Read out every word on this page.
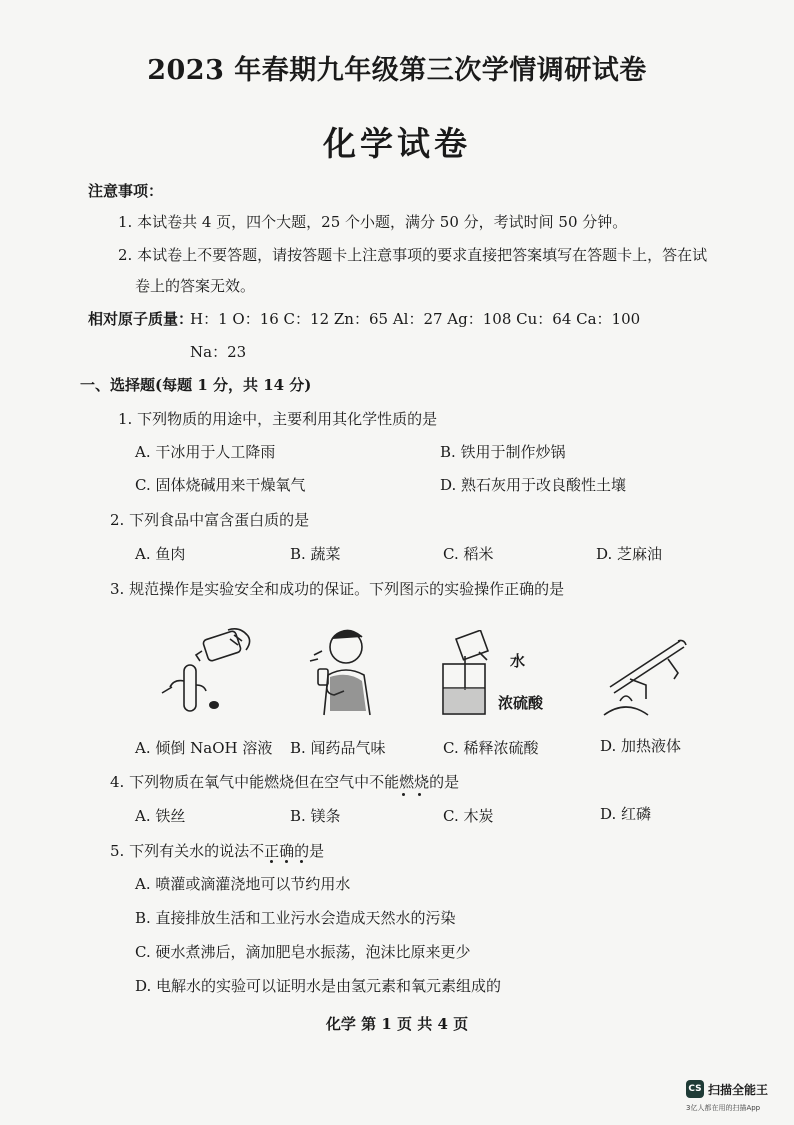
2023 年春期九年级第三次学情调研试卷
化学试卷
注意事项：
1. 本试卷共 4 页，四个大题，25 个小题，满分 50 分，考试时间 50 分钟。
2. 本试卷上不要答题，请按答题卡上注意事项的要求直接把答案填写在答题卡上，答在试
卷上的答案无效。
相对原子质量：
H：1 O：16 C：12 Zn：65 Al：27 Ag：108 Cu：64 Ca：100
Na：23
一、选择题(每题 1 分，共 14 分)
1. 下列物质的用途中，主要利用其化学性质的是
A. 干冰用于人工降雨	B. 铁用于制作炒锅
C. 固体烧碱用来干燥氧气	D. 熟石灰用于改良酸性土壤
2. 下列食品中富含蛋白质的是
A. 鱼肉	B. 蔬菜	C. 稻米	D. 芝麻油
3. 规范操作是实验安全和成功的保证。下列图示的实验操作正确的是
水
浓硫酸
A. 倾倒 NaOH 溶液 B. 闻药品气味	C. 稀释浓硫酸	D. 加热液体
4. 下列物质在氧气中能燃烧但在空气中不能燃烧的是
A. 铁丝	B. 镁条	C. 木炭	D. 红磷
5. 下列有关水的说法不正确的是
A. 喷灌或滴灌浇地可以节约用水
B. 直接排放生活和工业污水会造成天然水的污染
C. 硬水煮沸后，滴加肥皂水振荡，泡沫比原来更少
D. 电解水的实验可以证明水是由氢元素和氧元素组成的
化学 第 1 页 共 4 页
CS 扫描全能王
3亿人都在用的扫描App
